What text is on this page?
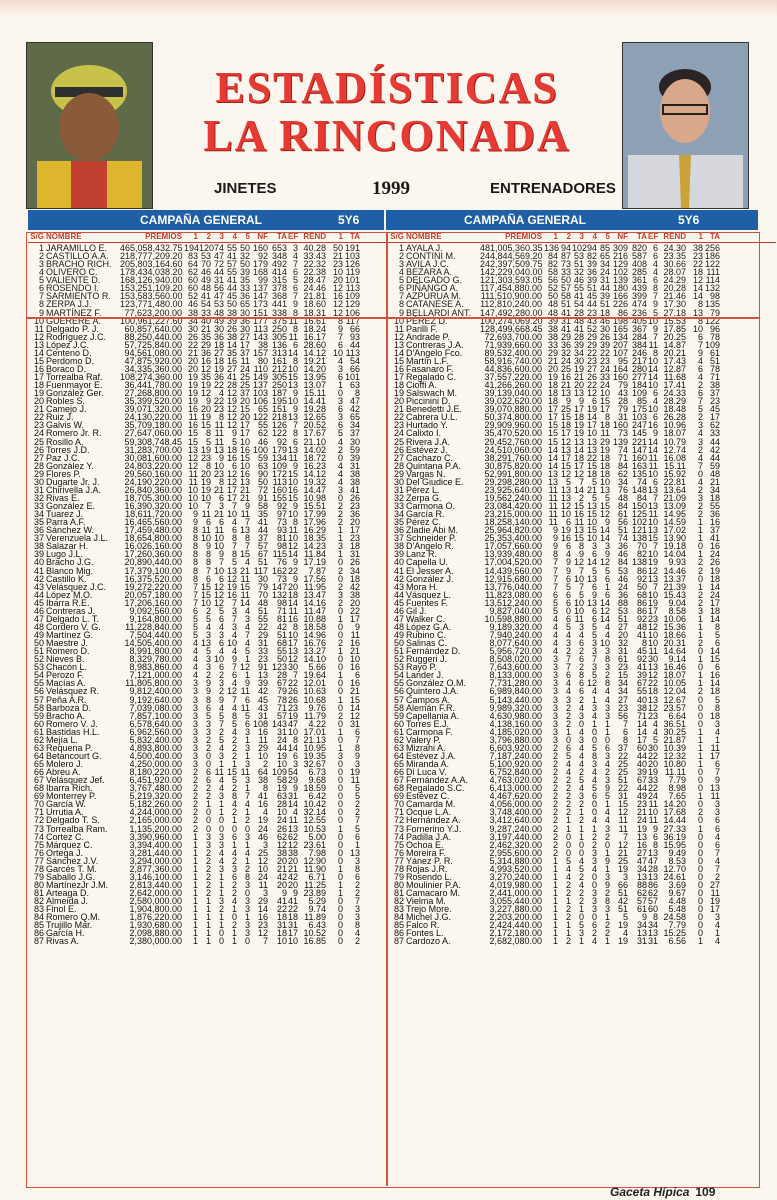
ESTADÍSTICAS
LA RINCONADA
JINETES	1999	ENTRENADORES
CAMPAÑA GENERAL	5Y6	CAMPAÑA GENERAL	5Y6
S/G NOMBRE	PREMIOS	1	2	3	4	5 NF	TA EF REND	1 TA
1 JARAMILLO E.	465,058,432.75 194 120 74 55 50 160 653 3 40.28 50 191
2 CASTILLO A.A.	218,777,209.20 83 53 47 41 32 92 348 4 33.43 21 103
3 BRACHO RICH. 205,803,164.60 64 70 72 57 50 179 492 7 22.32 23 126
4 OLIVERO C.	178,434,038.20 62 46 44 55 39 168 414 6 22.38 10 119
5 VALIENTE D.	168,126,940.00 60 49 31 41 35 99 315 5 28.47 20 101
6 ROSENDO I.	153,251,109.20 60 48 56 44 33 137 378 6 24.46 12 113
7 SARMIENTO R.	153,583,560.00 52 41 47 45 36 147 368 7 21.81 16 109
8 ZERPA J.J.	123,771,480.00 46 54 53 50 65 173 441 9 18.60 12 129
9 MARTÍNEZ F.	77,623,200.00 38 33 48 38 30 151 338 8 18.31 12 106
10 GUERERE A.	100,961,227.60 34 40 49 39 36 177 375 11 16.61	8 117
11 Delgado P. J.	60,857,640.00 30 21 30 26 30 113 250 8 18.24	9 66
12 Rodríguez J.C.	88,250,440.00 26 35 36 38 27 143 305 11 16.17	7 93
13 López J.C.	57,725,840.00 22 29 18 14 17 38 136 6 28.60	6 44
14 Centeno D.	94,561,080.00 21 36 27 35 37 157 313 14 14.12 10 113
15 Perdomo D.	47,875,920.00 20 16 18 16 11 80 161 8 19.21	4 54
16 Boraco D.	34,335,360.00 20 12 19 27 24 110 212 10 14.20	3 66
17 Torrealba Raf.	108,274,360.00 19 35 36 41 25 149 305 15 13.95	6 101
18 Fuenmayor E.	36,441,780.00 19 19 22 28 25 137 250 13 13.07	1 63
19 González Ger.	27,268,800.00 19 12 4 12 37 103 187 9 15.11	0	8
20 Robles S.	35,399,520.00 19 9 22 19 20 106 195 10 14.41	3 47
21 Camejo J.	39,071,320.00 16 20 23 12 15 65 151 9 19.28	6 42
22 Ruiz J.	24,130,220.00 11 19 8 12 20 122 218 13 12.65	3 65
23 Galvis W.	35,709,180.00 16 15 11 12 17 55 126 7 20.52	6 34
24 Romero Jr. R.	27,647,060.00 15 8 11 9 17 62 122 8 17.67	5 37
25 Rosillo A.	59,308,748.45 15 5 11 5 10 46 92 6 21.10	4 30
26 Torres J.D.	31,283,700.00 13 19 13 18 16 100 179 13 14.02	2 59
27 Paz J.C.	30,081,600.00 12 23 9 16 15 59 134 11 18.72	0 39
28 González Y.	24,803,220.00 12 8 10 6 10 63 109 9 16.23	4 31
29 Flores P.	29,560,160.00 11 20 23 12 16 90 172 15 14.12	4 38
30 Dugarte Jr. J.	24,190,220.00 11 19 8 12 13 50 113 10 19.32	4 38
31 Chirivella J.A.	26,840,360.00 10 19 21 17 21 72 160 16 14.47	3 41
32 Rivas E.	18,705,300.00 10 10 6 17 21 91 155 15 10.98	0 26
33 González E.	16,390,320.00 10 7 3 7 9 58 92 9 15.51	2 23
34 Tuarez J.	18,611,720.00	9 11 21 10 11 35 97 10 17.99	2 36
35 Parra A.F.	16,465,560.00	9 6 6 4 7 41 73 8 17.96	2 20
36 Sánchez W.	17,459,480.00	8 11 11 6 13 44 93 11 16.29	1 17
37 Verenzuela J.L.	18,654,800.00	8 10 10 8 8 37 81 10 18.35	1 23
38 Salazar H.	16,026,160.00	8 9 10 7 7 57 98 12 14.23	3 18
39 Lugo J.L.	17,260,360.00	8 8 9 8 15 67 115 14 11.84	1 31
40 Bracho J.G.	20,890,440.00	8 8 7 5 4 51 76 9 17.19	0 26
41 Blanco Mig.	17,379,100.00	8 7 10 13 21 117 162 22	7.87	2 34
42 Castillo K.	16,375,520.00	8 6 6 12 11 30 73 9 17.56	0 18
43 Velásquez J.C.	19,272,220.00	7 15 12 19 15 79 147 20 11.95	2 42
44 López M.O.	20,057,180.00	7 15 12 16 11 70 132 18 13.47	3 38
45 Ibarra R.E.	17,206,160.00	7 10 12 7 14 48 98 14 14.16	2 20
46 Contreras J.	9,092,560.00	6 2 5 3 4 51 71 11 11.47	0 22
47 Delgado L. T.	9,164,800.00	5 5 6 7 3 55 81 16 10.88	1 17
48 Cordero V. G.	11,228,840.00	5 4 4 3 4 22 42 8 18.58	0	9
49 Martínez G.	7,504,440.00	5 3 3 4 7 29 51 10 14.96	0 11
50 Maestre J.	14,505,400.00	4 13 6 10 4 31 68 17 16.76	2 16
51 Romero D.	8,991,800.00	4 5 4 4 5 33 55 13 13.27	1 21
52 Nieves B.	8,329,780.00	4 3 10 9 1 23 50 12 14.10	0 10
53 Chacón L.	8,983,860.00	4 3 6 7 12 91 123 30	5.66	0 16
54 Perozo F.	7,121,000.00	4 2 2 6 1 13 28 7 19.64	1	6
55 Macías A.	11,805,800.00	3 9 3 4 9 39 67 22 12.01	0 16
56 Velásquez R.	9,812,400.00	3 9 2 12 11 42 79 26 10.63	0 21
57 Peña A.R.	9,192,640.00	3 8 9 7 6 45 78 26 10.68	1 15
58 Barboza D.	7,039,080.00	3 6 4 4 11 43 71 23	9.76	0 14
59 Bracho A.	7,857,100.00	3 5 5 8 5 31 57 19 11.79	2 12
60 Romero V. J.	6,578,640.00	3 3 7 5 6 108 143 47	4.22	0 31
61 Bastidas H.L.	6,962,560.00	3 3 2 4 3 16 31 10 17.01	1	6
62 Mejía L.	5,832,400.00	3 2 5 2 1 11 24 8 21.13	0	7
63 Requena P.	4,893,800.00	3 2 4 2 3 29 44 14 10.95	1	8
64 Betancourt G.	4,500,400.00	3 0 3 2 1 10 19 6 19.35	3	9
65 Molero J.	4,250,000.00	3 0 1 1 3	2 10 3 32.67	0	3
66 Abreu A.	8,180,220.00	2 6 11 15 11 64 109 54	6.73	0 19
67 Velásquez Jef.	6,451,920.00	2 6 4 5 3 38 58 29	9.68	0 11
68 Ibarra Rich.	3,767,480.00	2 2 4 2 1	8 19 9 18.59	0	5
69 Monterrey P.	5,219,320.00	2 2 3 8 7 41 63 31	6.42	0	5
70 García W.	5,182,260.00	2 1 1 4 4 16 28 14 10.42	0	2
71 Urrutia A.	4,244,000.00	2 0 1 2 1	4 10 4 32.14	0	2
72 Delgado T. S.	2,165,000.00	2 0 0 1 2 19 24 11 12.55	0	7
73 Torrealba Ram.	1,135,200.00	2 0 0 0 0 24 26 13 10.53	1	5
74 Cortez C.	3,390,960.00	1 3 3 6 3 46 62 62	5.00	0	6
75 Márquez C.	3,394,400.00	1 3 3 1 1	3 12 12 23.61	0	1
76 Ortega J.	3,281,440.00	1 2 4 4 4 25 38 38	7.98	0 13
77 Sánchez J.V.	3,294,000.00	1 2 4 2 1 12 20 20 12.90	0	3
78 Garcés T. M.	2,877,360.00	1 2 3 3 2 10 21 21 11.90	1	8
79 Saballo J.G.	3,146,100.00	1 2 1 6 8 24 42 42	6.71	0	6
80 MartínezJr J.M.	2,813,440.00	1 2 1 2 3 11 20 20 11.25	1	2
81 Arteaga D.	2,642,000.00	1 2 1 2 0	3	9 9 23.89	1	2
82 Almeida J.	2,580,000.00	1 1 3 4 3 29 41 41	5.29	0	7
83 Finol E.	1,904,800.00	1 1 2 1 3 14 22 22	9.74	0	3
84 Romero Q.M.	1,876,220.00	1 1 1 0 1 16 18 18 11.89	0	3
85 Trujillo Mar.	1,930,680.00	1 1 1 2 3 23 31 31	6.43	0	8
86 García H.	2,098,880.00	1 1 0 1 3 12 18 17 10.52	0	4
87 Rivas A.	2,380,000.00	1 1 0 1 0	7 10 10 16.85	0	2
S/G NOMBRE	PREMIOS	1	2	3	4	5 NF	TA EF REND	1 TA
1 AYALA J.	481,005,360.35 136 94 102 94 85 309 820 6 24.30 38 256
2 CONTINI M.	244,844,569.20 84 87 53 82 65 216 587 6 23.35 23 186
3 AVILA J.C.	242,397,509.75 82 73 51 39 34 129 408 4 30.66 22 122
4 BEZARA A.	142,229,040.00 58 33 32 36 24 102 285 4 28.07 18 111
5 DELGADO G.	121,303,593.05 56 50 46 39 31 139 361 6 24.29 12 114
6 PIÑANGO A.	117,454,880.00 52 57 55 51 44 180 439 8 20.28 14 132
7 AZPÚRUA M.	111,510,900.00 50 58 41 45 39 166 399 7 21.46 14 98
8 CATANESE A.	112,810,240.00 48 51 54 44 51 226 474 9 17.30	8 135
9 BELLARDI ANT. 147,492,280.00 48 41 28 23 18 86 236 5 27.18 13 79
10 PÉREZ D.	100,274,069.20 39 31 48 43 46 198 405 10 15.53	8 122
11 Parilli F.	128,499,668.45 38 41 41 52 30 165 367 9 17.85 10 96
12 Andrade P.	72,693,700.00 38 29 28 29 26 134 284 7 20.25	6 78
13 Contreras J.A.	71,939,660.00 33 36 39 29 39 207 384 11 14.87	7 109
14 D'Angelo Fco.	89,532,400.00 29 32 34 22 22 107 246 8 20.21	9 61
15 Martín L.F.	58,916,740.00 21 24 30 23 23 95 217 10 17.43	4 51
16 Fasanaro F.	44,836,600.00 20 25 19 27 24 164 280 14 12.87	6 78
17 Regalado C.	37,557,220.00 19 16 21 26 33 160 277 14 11.68	4 71
18 Cioffi A.	41,266,260.00 18 21 20 22 24 79 184 10 17.41	2 38
19 Salswach M.	39,139,040.00 18 13 13 12 10 43 109 6 24.33	6 37
20 Piccinini D.	39,022,620.00 18 9 9 6 15 28 85 4 28.29	7 23
21 Benedetti J.E.	39,070,880.00 17 25 17 19 17 79 175 10 18.48	5 45
22 Cabrera U.L.	50,374,800.00 17 15 18 14 8 31 103 6 26.28	2 17
23 Hurtado Y.	29,909,960.00 15 18 19 17 18 160 247 16 10.96	3 62
24 Calixto I.	35,470,520.00 15 17 19 10 11 73 145 9 18.07	4 33
25 Rivera J.A.	29,452,760.00 15 12 13 13 29 139 221 14 10.79	3 44
26 Estévez J.	24,510,060.00 14 13 14 13 19 74 147 14 12.74	2 42
27 Cachazo C.	38,291,760.00 14 17 18 22 18 71 160 11 16.08	4 44
28 Quintana P.A.	30,875,820.00 14 15 17 15 18 84 163 11 15.11	7 59
29 Vargas N.	52,991,800.00 13 12 12 18 18 62 135 10 15.92	0 48
30 Del Giudice E.	29,298,280.00 13 5 7 5 10 34 74 6 22.81	4 21
31 Pérez L.	23,925,640.00 11 13 14 21 13 76 148 13 13.64	2 34
32 Zerpa G.	19,562,240.00 11 13 2 5 5 48 84 7 21.09	3 18
33 Carmona O.	23,084,420.00 11 12 15 13 15 84 150 13 13.09	2 55
34 García R.	23,215,000.00 11 10 16 15 12 61 125 11 14.95	2 36
35 Pérez C.	18,258,140.00 11 6 11 10 9 56 102 10 14.59	1 16
36 Zladie Abi M.	25,964,820.00	9 19 13 15 14 51 121 13 17.02	1 37
37 Schneider P.	25,353,400.00	9 16 15 10 14 74 138 15 13.90	1 41
38 D'Angelo R.	17,057,660.00	9 6 8 3 3 36 70 7 19.18	0 16
39 Lanz R.	13,939,480.00	8 4 9 6 9 46 82 10 14.04	1 24
40 Capella U.	17,004,520.00	7 9 12 14 12 84 138 19	9.93	2 26
41 El Jesser A.	14,439,560.00	7 9 7 5 5 53 86 12 14.46	2 19
42 González J.	12,915,680.00	7 6 10 13 6 46 92 13 13.37	0 18
43 Mora H.	13,776,040.00	7 5 7 6 1 24 50 7 21.39	1 14
44 Vásquez L.	11,823,080.00	6 6 5 9 6 36 68 10 15.43	2 24
45 Fuentes F.	13,512,240.00	5 6 10 13 14 88 86 19	9.04	2 17
46 Gil J.	9,827,040.00	5 0 10 6 12 53 86 17	8.58	3 18
47 Walker C.	10,598,880.00	4 6 11 6 14 51 92 23 10.06	1 14
48 López G.A.	9,189,320.00	4 5 3 5 4 27 48 12 15.36	1	8
49 Rubino C.	7,940,240.00	4 4 4 5 4 20 41 10 18.66	1	5
50 Salinas C.	8,077,640.00	4 3 6 3 10 32	8 10 20.31	2	6
51 Fernández D.	5,956,720.00	4 2 2 3 3 31 45 11 14.64	0 14
52 Ruggeri J.	8,508,020.00	3 7 6 7 8 61 92 30	9.14	1 15
53 Rayo P.	7,643,600.00	3 7 2 3 3 23 41 13 16.46	0	6
54 Lander J.	8,133,000.00	3 6 8 5 2 15 39 12 18.07	1 16
55 González O.M.	7,731,280.00	3 4 6 12 8 34 67 22 10.05	1 14
56 Quintero J.A.	6,989,840.00	3 4 6 4 4 34 55 18 12.04	2 18
57 Campos A.	5,143,440.00	3 3 2 1 4 27 40 13 12.67	0	5
58 Alemán F.R.	9,989,320.00	3 2 4 3 3 23 38 12 23.57	0	8
59 Capellania A.	4,630,980.00	3 2 3 4 3 56 71 23	6.64	0 18
60 Torres E.J.	4,138,160.00	3 2 0 1 1	7 14 4 36.51	0	3
61 Carmona F.	4,185,020.00	3 1 4 0 1	6 14 4 30.25	1	4
62 Valery P.	3,796,880.00	3 0 3 0 0	8 17 5 21.87	1	1
63 Mizrahi A.	6,603,920.00	2 6 4 5 6 37 60 30 10.39	1 11
64 Estévez J.A.	7,187,240.00	2 5 4 8 3 22 44 22 12.32	1 17
65 Miranda A.	5,100,920.00	2 4 4 3 4 25 40 20 10.80	1	6
66 Di Luca V.	6,752,840.00	2 4 2 4 2 25 39 19 11.11	0	7
67 Fernández A.A.	4,763,020.00	2 2 5 4 3 51 67 33	7.79	0	9
68 Regalado S.C.	6,413,000.00	2 2 4 5 9 22 44 22	8.98	0 13
69 Estévez C.	4,467,620.00	2 2 3 6 5 31 49 24	7.65	1 11
70 Camarda M.	4,056,000.00	2 2 2 0 1 15 23 11 14.20	0	3
71 Ocque L.A.	3,748,400.00	2 2 1 0 4 12 21 10 17.68	2	3
72 Hernández A.	3,412,640.00	2 1 2 4 4 11 24 11 14.44	0	6
73 Fornerino Y.J.	9,287,240.00	2 1 1 1 3 11 19 9 27.33	1	6
74 Padilla J.A.	3,197,440.00	2 0 1 2 2	7 13 6 36.19	0	4
75 Ochoa E.	2,462,320.00	2 0 0 2 0 12 16 8 15.95	0	6
76 Moreira F.	2,955,600.00	2 0 0 3 1 21 27 13	9.49	0	7
77 Yánez P. R.	5,314,880.00	1 5 4 3 9 25 47 47	8.53	0	4
78 Rojas J.R.	4,993,520.00	1 4 5 4 1 19 34 28 12.70	0	7
79 Rosendo L.	3,270,240.00	1 4 2 0 3	3 13 13 24.61	0	2
80 Moulinier P.A.	4,019,980.00	1 2 4 0 9 66 88 86	3.69	0 27
81 Camacaro M.	2,441,000.00	1 2 2 3 2 51 62 62	9.67	0 11
82 Vielma M.	3,055,440.00	1 1 2 3 8 42 57 57	4.48	0 19
83 Trejo More.	3,227,880.00	1 2 1 3 3 51 61 60	5.48	0 17
84 Michel J.G.	2,203,200.00	1 2 0 0 1	5	9 8 24.58	0	3
85 Falco R.	2,424,440.00	1 1 5 6 2 19 34 34	7.79	0	4
86 Fontes L.	2,172,180.00	1 1 3 2 2	4 13 13 15.25	0	1
87 Cardozo A.	2,682,080.00	1 2 1 4 1 19 31 31	6.56	1	4
Gaceta Hípica 109
